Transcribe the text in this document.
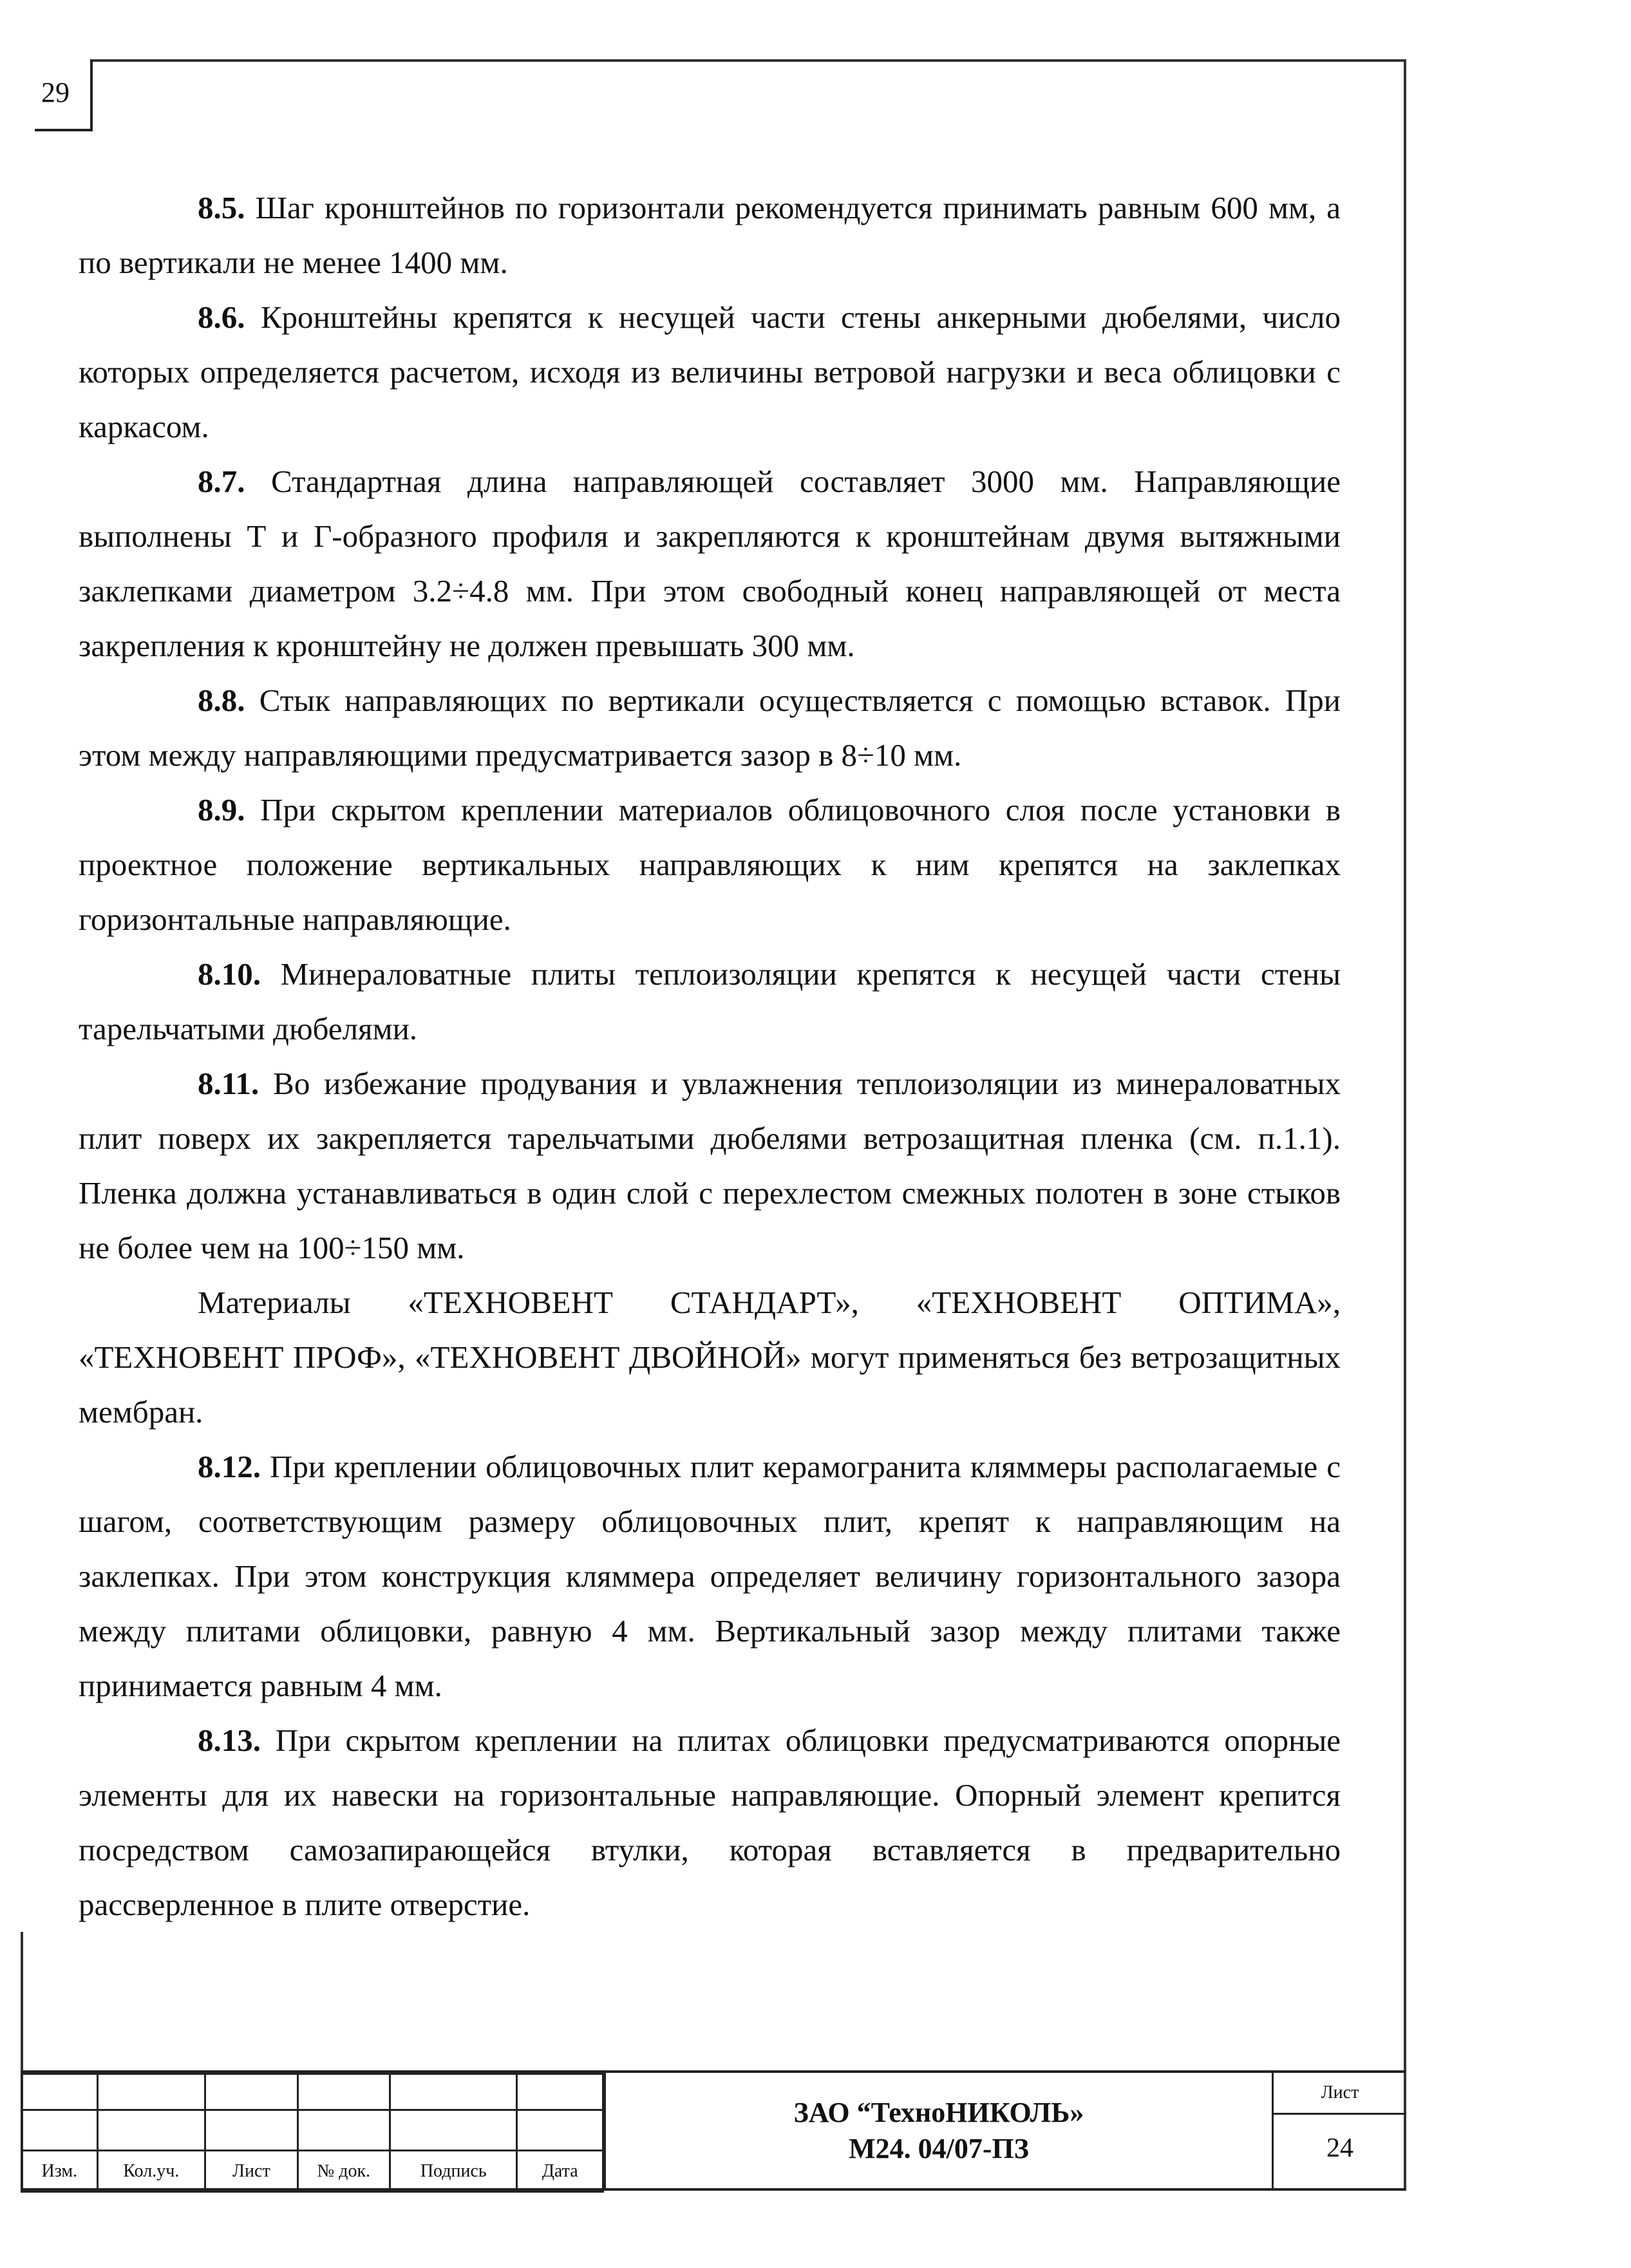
29

8.5. Шаг кронштейнов по горизонтали рекомендуется принимать равным 600 мм, а по вертикали не менее 1400 мм.

8.6. Кронштейны крепятся к несущей части стены анкерными дюбелями, число которых определяется расчетом, исходя из величины ветровой нагрузки и веса облицовки с каркасом.

8.7. Стандартная длина направляющей составляет 3000 мм. Направляющие выполнены Т и Г-образного профиля и закрепляются к кронштейнам двумя вытяжными заклепками диаметром 3.2÷4.8 мм. При этом свободный конец направляющей от места закрепления к кронштейну не должен превышать 300 мм.

8.8. Стык направляющих по вертикали осуществляется с помощью вставок. При этом между направляющими предусматривается зазор в 8÷10 мм.

8.9. При скрытом креплении материалов облицовочного слоя после установки в проектное положение вертикальных направляющих к ним крепятся на заклепках горизонтальные направляющие.

8.10. Минераловатные плиты теплоизоляции крепятся к несущей части стены тарельчатыми дюбелями.

8.11. Во избежание продувания и увлажнения теплоизоляции из минераловатных плит поверх их закрепляется тарельчатыми дюбелями ветрозащитная пленка (см. п.1.1). Пленка должна устанавливаться в один слой с перехлестом смежных полотен в зоне стыков не более чем на 100÷150 мм.

Материалы «ТЕХНОВЕНТ СТАНДАРТ», «ТЕХНОВЕНТ ОПТИМА», «ТЕХНОВЕНТ ПРОФ», «ТЕХНОВЕНТ ДВОЙНОЙ» могут применяться без ветрозащитных мембран.

8.12. При креплении облицовочных плит керамогранита кляммеры располагаемые с шагом, соответствующим размеру облицовочных плит, крепят к направляющим на заклепках. При этом конструкция кляммера определяет величину горизонтального зазора между плитами облицовки, равную 4 мм. Вертикальный зазор между плитами также принимается равным 4 мм.

8.13. При скрытом креплении на плитах облицовки предусматриваются опорные элементы для их навески на горизонтальные направляющие. Опорный элемент крепится посредством самозапирающейся втулки, которая вставляется в предварительно рассверленное в плите отверстие.

Изм.	Кол.уч.	Лист	№ док.	Подпись	Дата
ЗАО “ТехноНИКОЛЬ»
М24. 04/07-ПЗ
Лист
24
